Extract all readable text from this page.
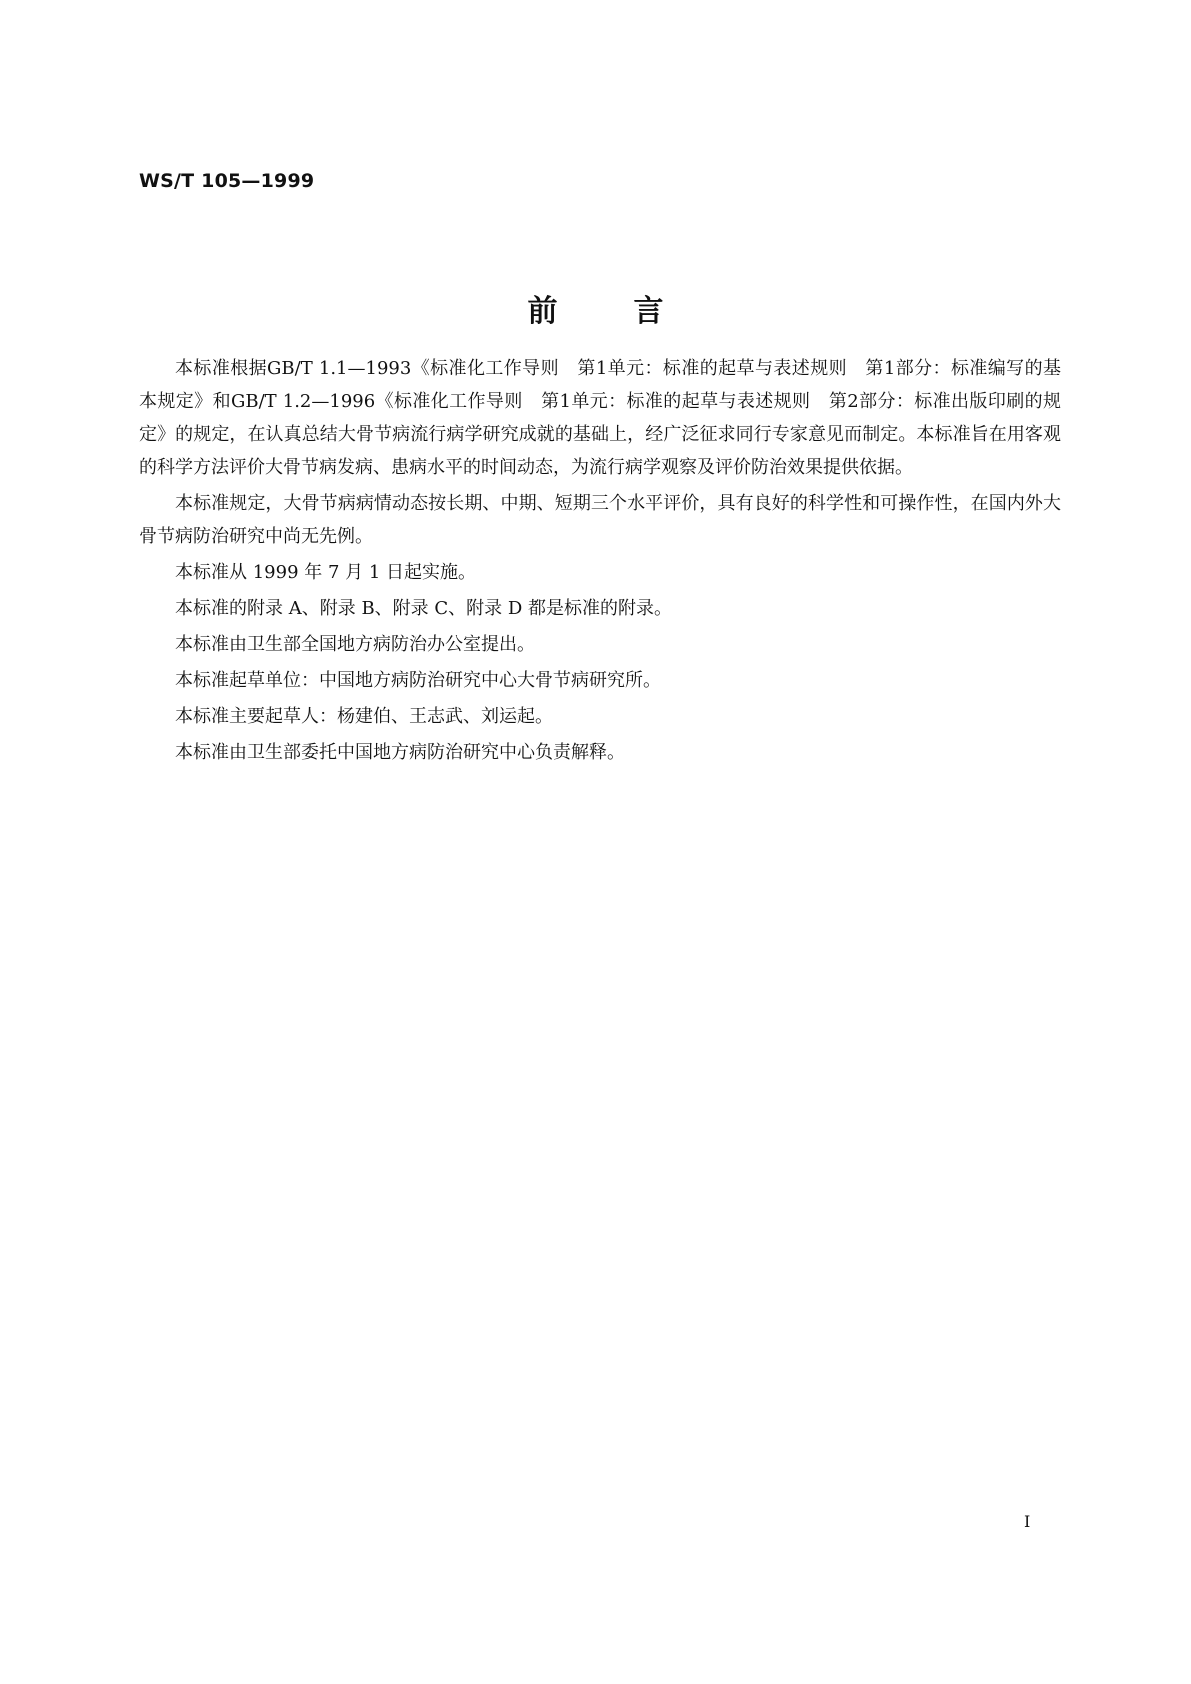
WS/T 105—1999
前言

本标准根据GB/T 1.1—1993《标准化工作导则　第1单元：标准的起草与表述规则　第1部分：标准编写的基本规定》和GB/T 1.2—1996《标准化工作导则　第1单元：标准的起草与表述规则　第2部分：标准出版印刷的规定》的规定，在认真总结大骨节病流行病学研究成就的基础上，经广泛征求同行专家意见而制定。本标准旨在用客观的科学方法评价大骨节病发病、患病水平的时间动态，为流行病学观察及评价防治效果提供依据。

本标准规定，大骨节病病情动态按长期、中期、短期三个水平评价，具有良好的科学性和可操作性，在国内外大骨节病防治研究中尚无先例。

本标准从 1999 年 7 月 1 日起实施。

本标准的附录 A、附录 B、附录 C、附录 D 都是标准的附录。

本标准由卫生部全国地方病防治办公室提出。

本标准起草单位：中国地方病防治研究中心大骨节病研究所。

本标准主要起草人：杨建伯、王志武、刘运起。

本标准由卫生部委托中国地方病防治研究中心负责解释。

I
